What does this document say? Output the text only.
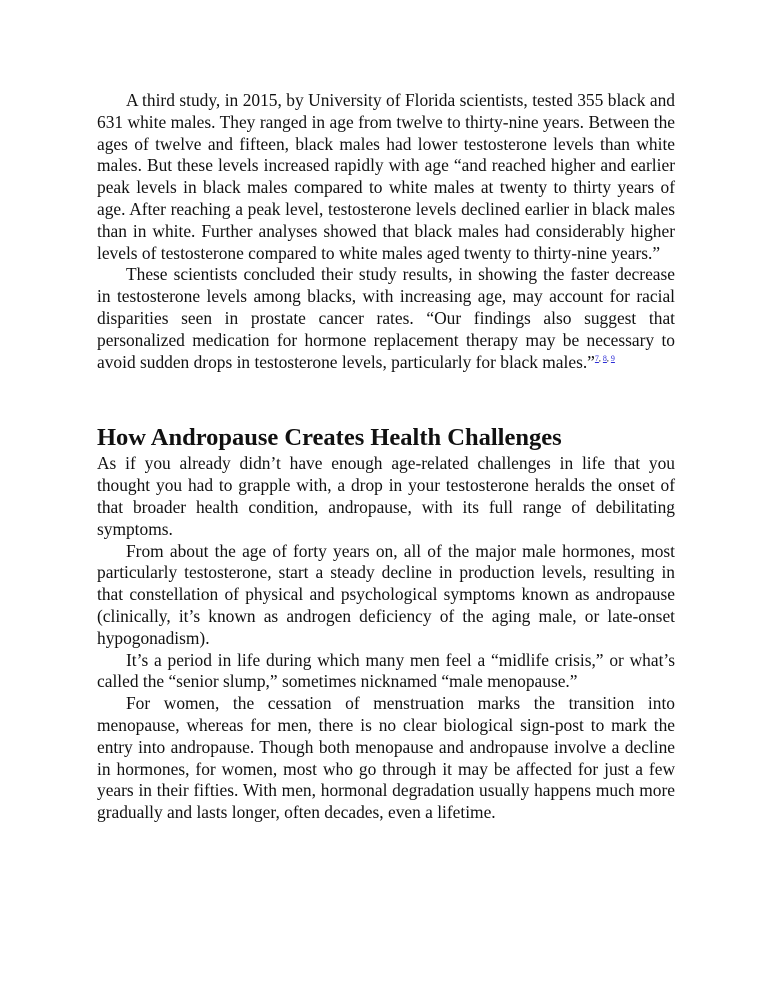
A third study, in 2015, by University of Florida scientists, tested 355 black and 631 white males. They ranged in age from twelve to thirty-nine years. Between the ages of twelve and fifteen, black males had lower testosterone levels than white males. But these levels increased rapidly with age “and reached higher and earlier peak levels in black males compared to white males at twenty to thirty years of age. After reaching a peak level, testosterone levels declined earlier in black males than in white. Further analyses showed that black males had considerably higher levels of testosterone compared to white males aged twenty to thirty-nine years.”

These scientists concluded their study results, in showing the faster decrease in testosterone levels among blacks, with increasing age, may account for racial disparities seen in prostate cancer rates. “Our findings also suggest that personalized medication for hormone replacement therapy may be necessary to avoid sudden drops in testosterone levels, particularly for black males.”$^{7, 8, 9}$

How Andropause Creates Health Challenges

As if you already didn’t have enough age-related challenges in life that you thought you had to grapple with, a drop in your testosterone heralds the onset of that broader health condition, andropause, with its full range of debilitating symptoms.

From about the age of forty years on, all of the major male hormones, most particularly testosterone, start a steady decline in production levels, resulting in that constellation of physical and psychological symptoms known as andropause (clinically, it’s known as androgen deficiency of the aging male, or late-onset hypogonadism).

It’s a period in life during which many men feel a “midlife crisis,” or what’s called the “senior slump,” sometimes nicknamed “male menopause.”

For women, the cessation of menstruation marks the transition into menopause, whereas for men, there is no clear biological sign-post to mark the entry into andropause. Though both menopause and andropause involve a decline in hormones, for women, most who go through it may be affected for just a few years in their fifties. With men, hormonal degradation usually happens much more gradually and lasts longer, often decades, even a lifetime.
